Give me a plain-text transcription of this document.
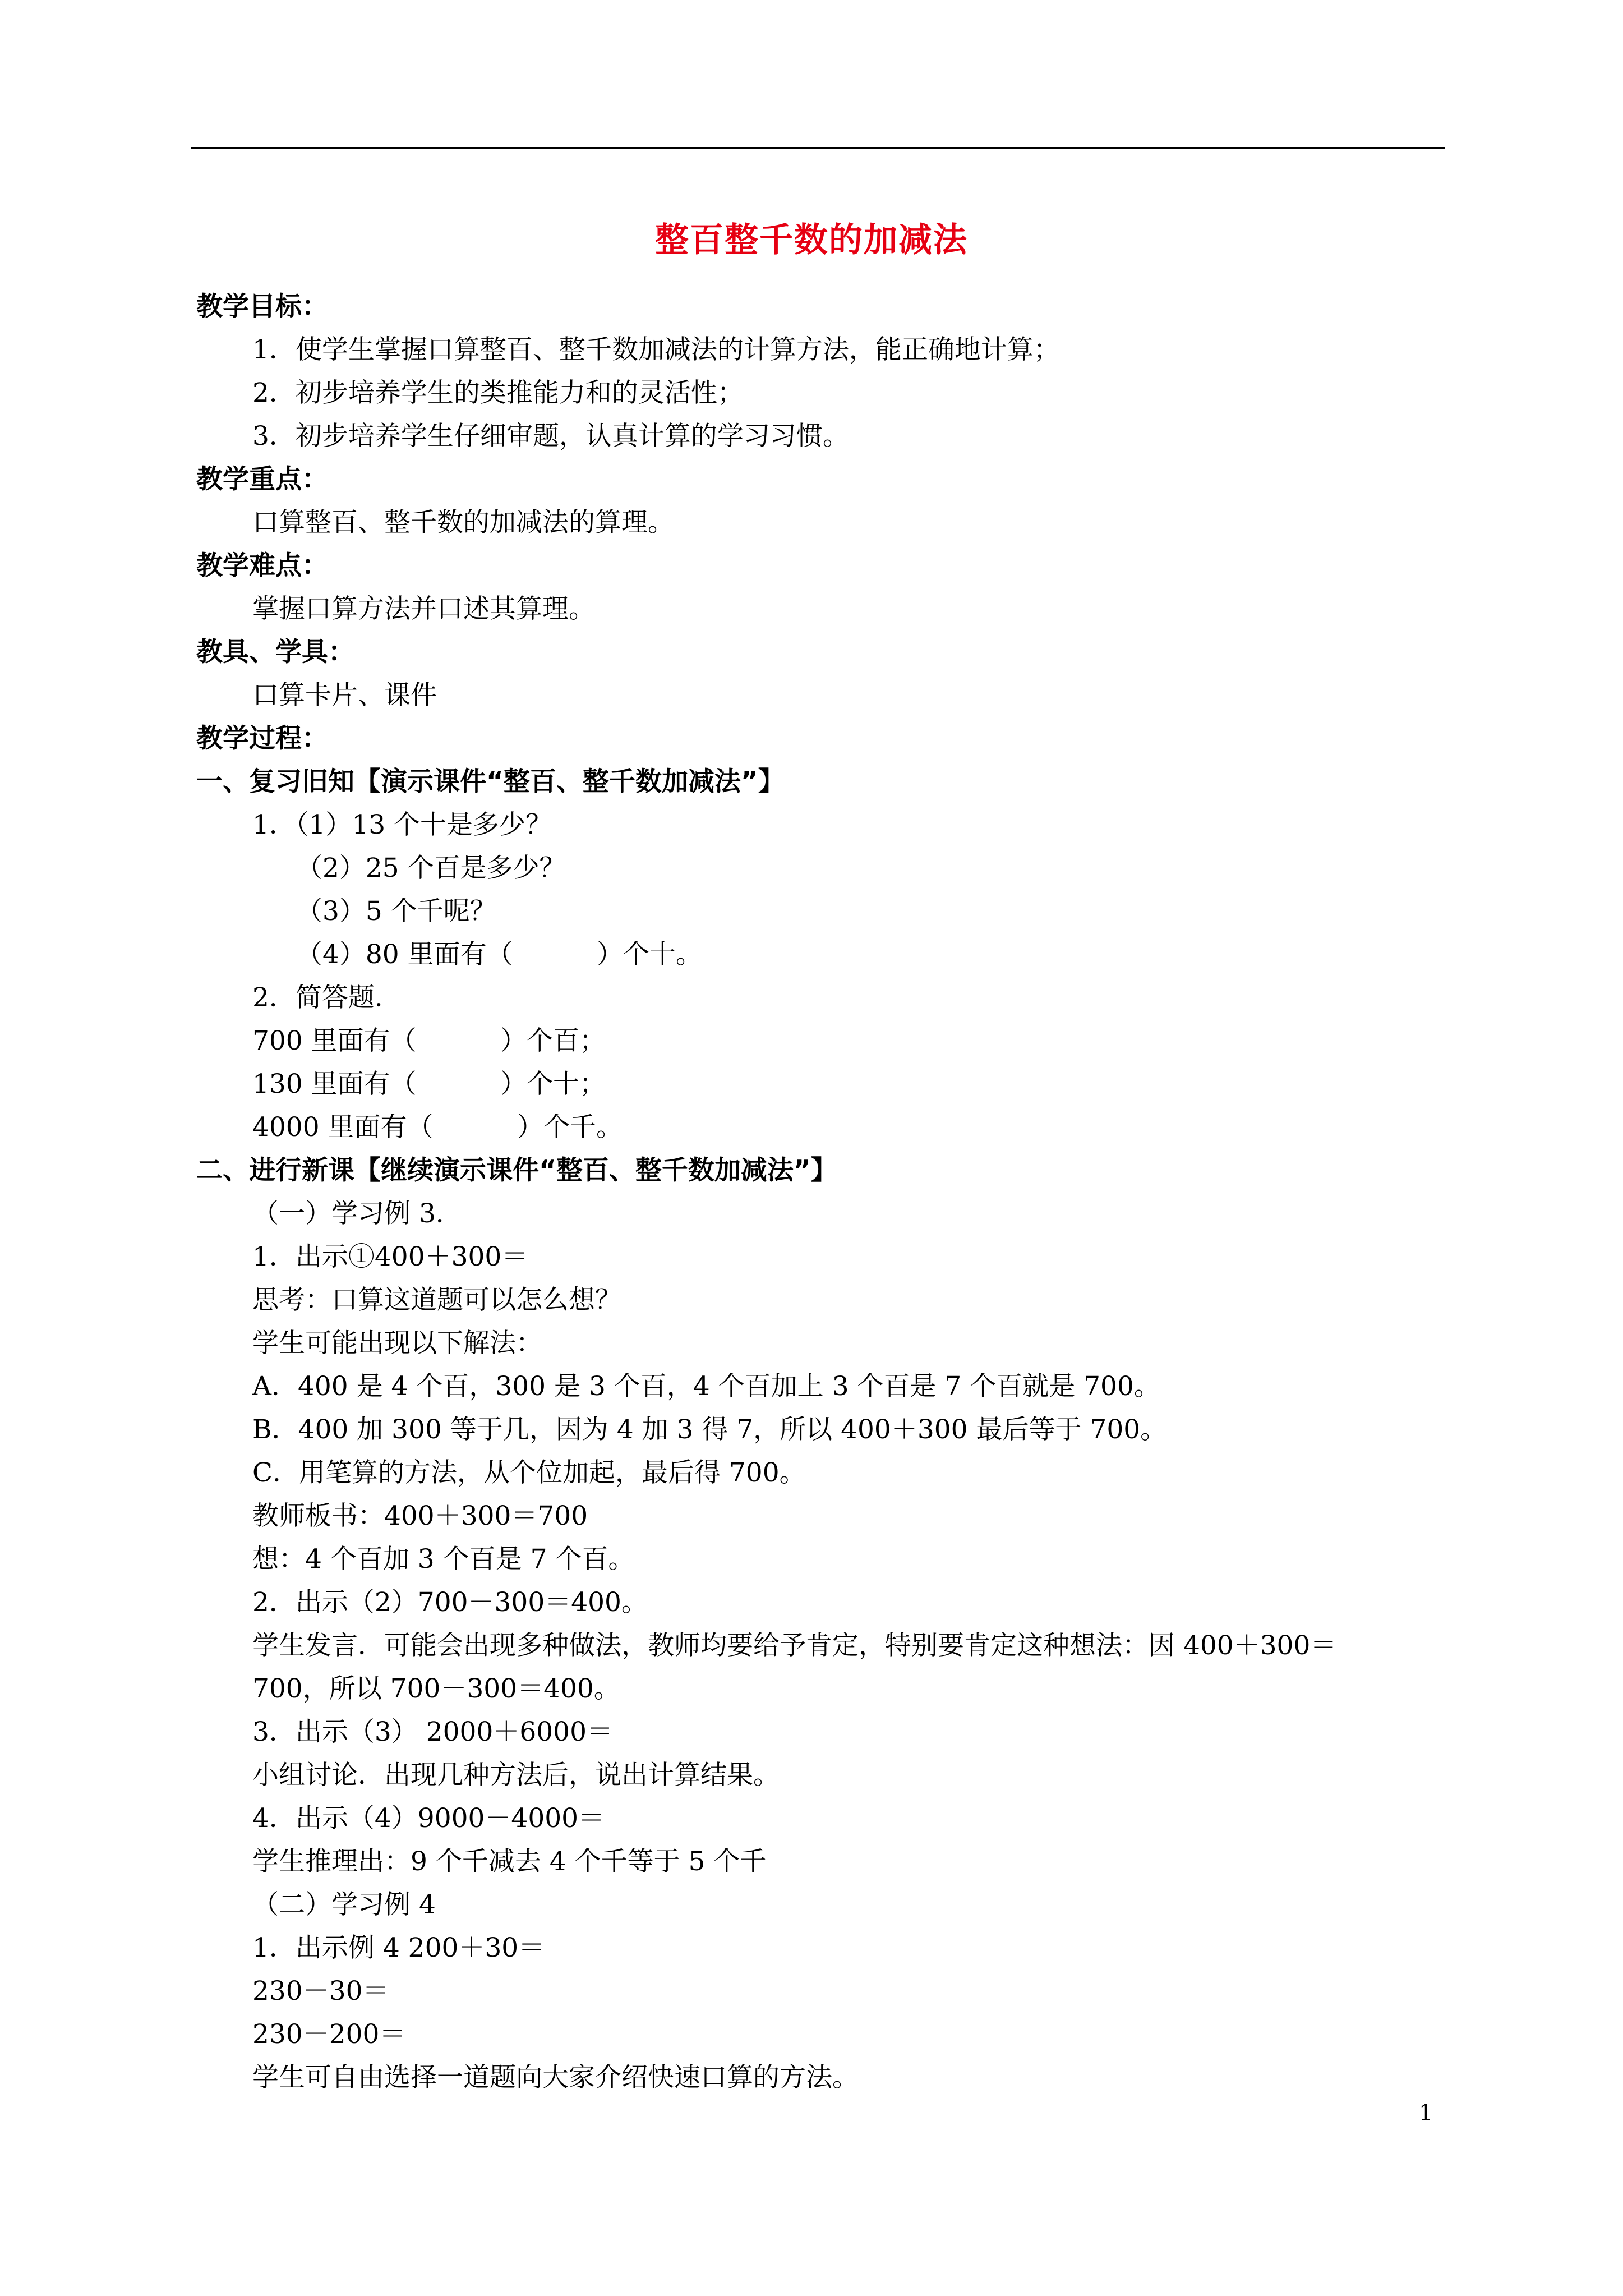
整百整千数的加减法
教学目标：
1．使学生掌握口算整百、整千数加减法的计算方法，能正确地计算；
2．初步培养学生的类推能力和的灵活性；
3．初步培养学生仔细审题，认真计算的学习习惯。
教学重点：
口算整百、整千数的加减法的算理。
教学难点：
掌握口算方法并口述其算理。
教具、学具：
口算卡片、课件
教学过程：
一、复习旧知【演示课件“整百、整千数加减法”】
1．（1）13 个十是多少？
（2）25 个百是多少？
（3）5 个千呢？
（4）80 里面有（          ）个十。
2．简答题．
700 里面有（          ）个百；
130 里面有（          ）个十；
4000 里面有（          ）个千。
二、进行新课【继续演示课件“整百、整千数加减法”】
（一）学习例 3．
1．出示①400＋300＝
思考：口算这道题可以怎么想？
学生可能出现以下解法：
A．400 是 4 个百，300 是 3 个百，4 个百加上 3 个百是 7 个百就是 700。
B．400 加 300 等于几，因为 4 加 3 得 7，所以 400＋300 最后等于 700。
C．用笔算的方法，从个位加起，最后得 700。
教师板书：400＋300＝700
想：4 个百加 3 个百是 7 个百。
2．出示（2）700－300＝400。
学生发言．可能会出现多种做法，教师均要给予肯定，特别要肯定这种想法：因 400＋300＝
700，所以 700－300＝400。
3．出示（3） 2000＋6000＝
小组讨论．出现几种方法后，说出计算结果。
4．出示（4）9000－4000＝
学生推理出：9 个千减去 4 个千等于 5 个千
（二）学习例 4
1．出示例 4 200＋30＝
230－30＝
230－200＝
学生可自由选择一道题向大家介绍快速口算的方法。
1
